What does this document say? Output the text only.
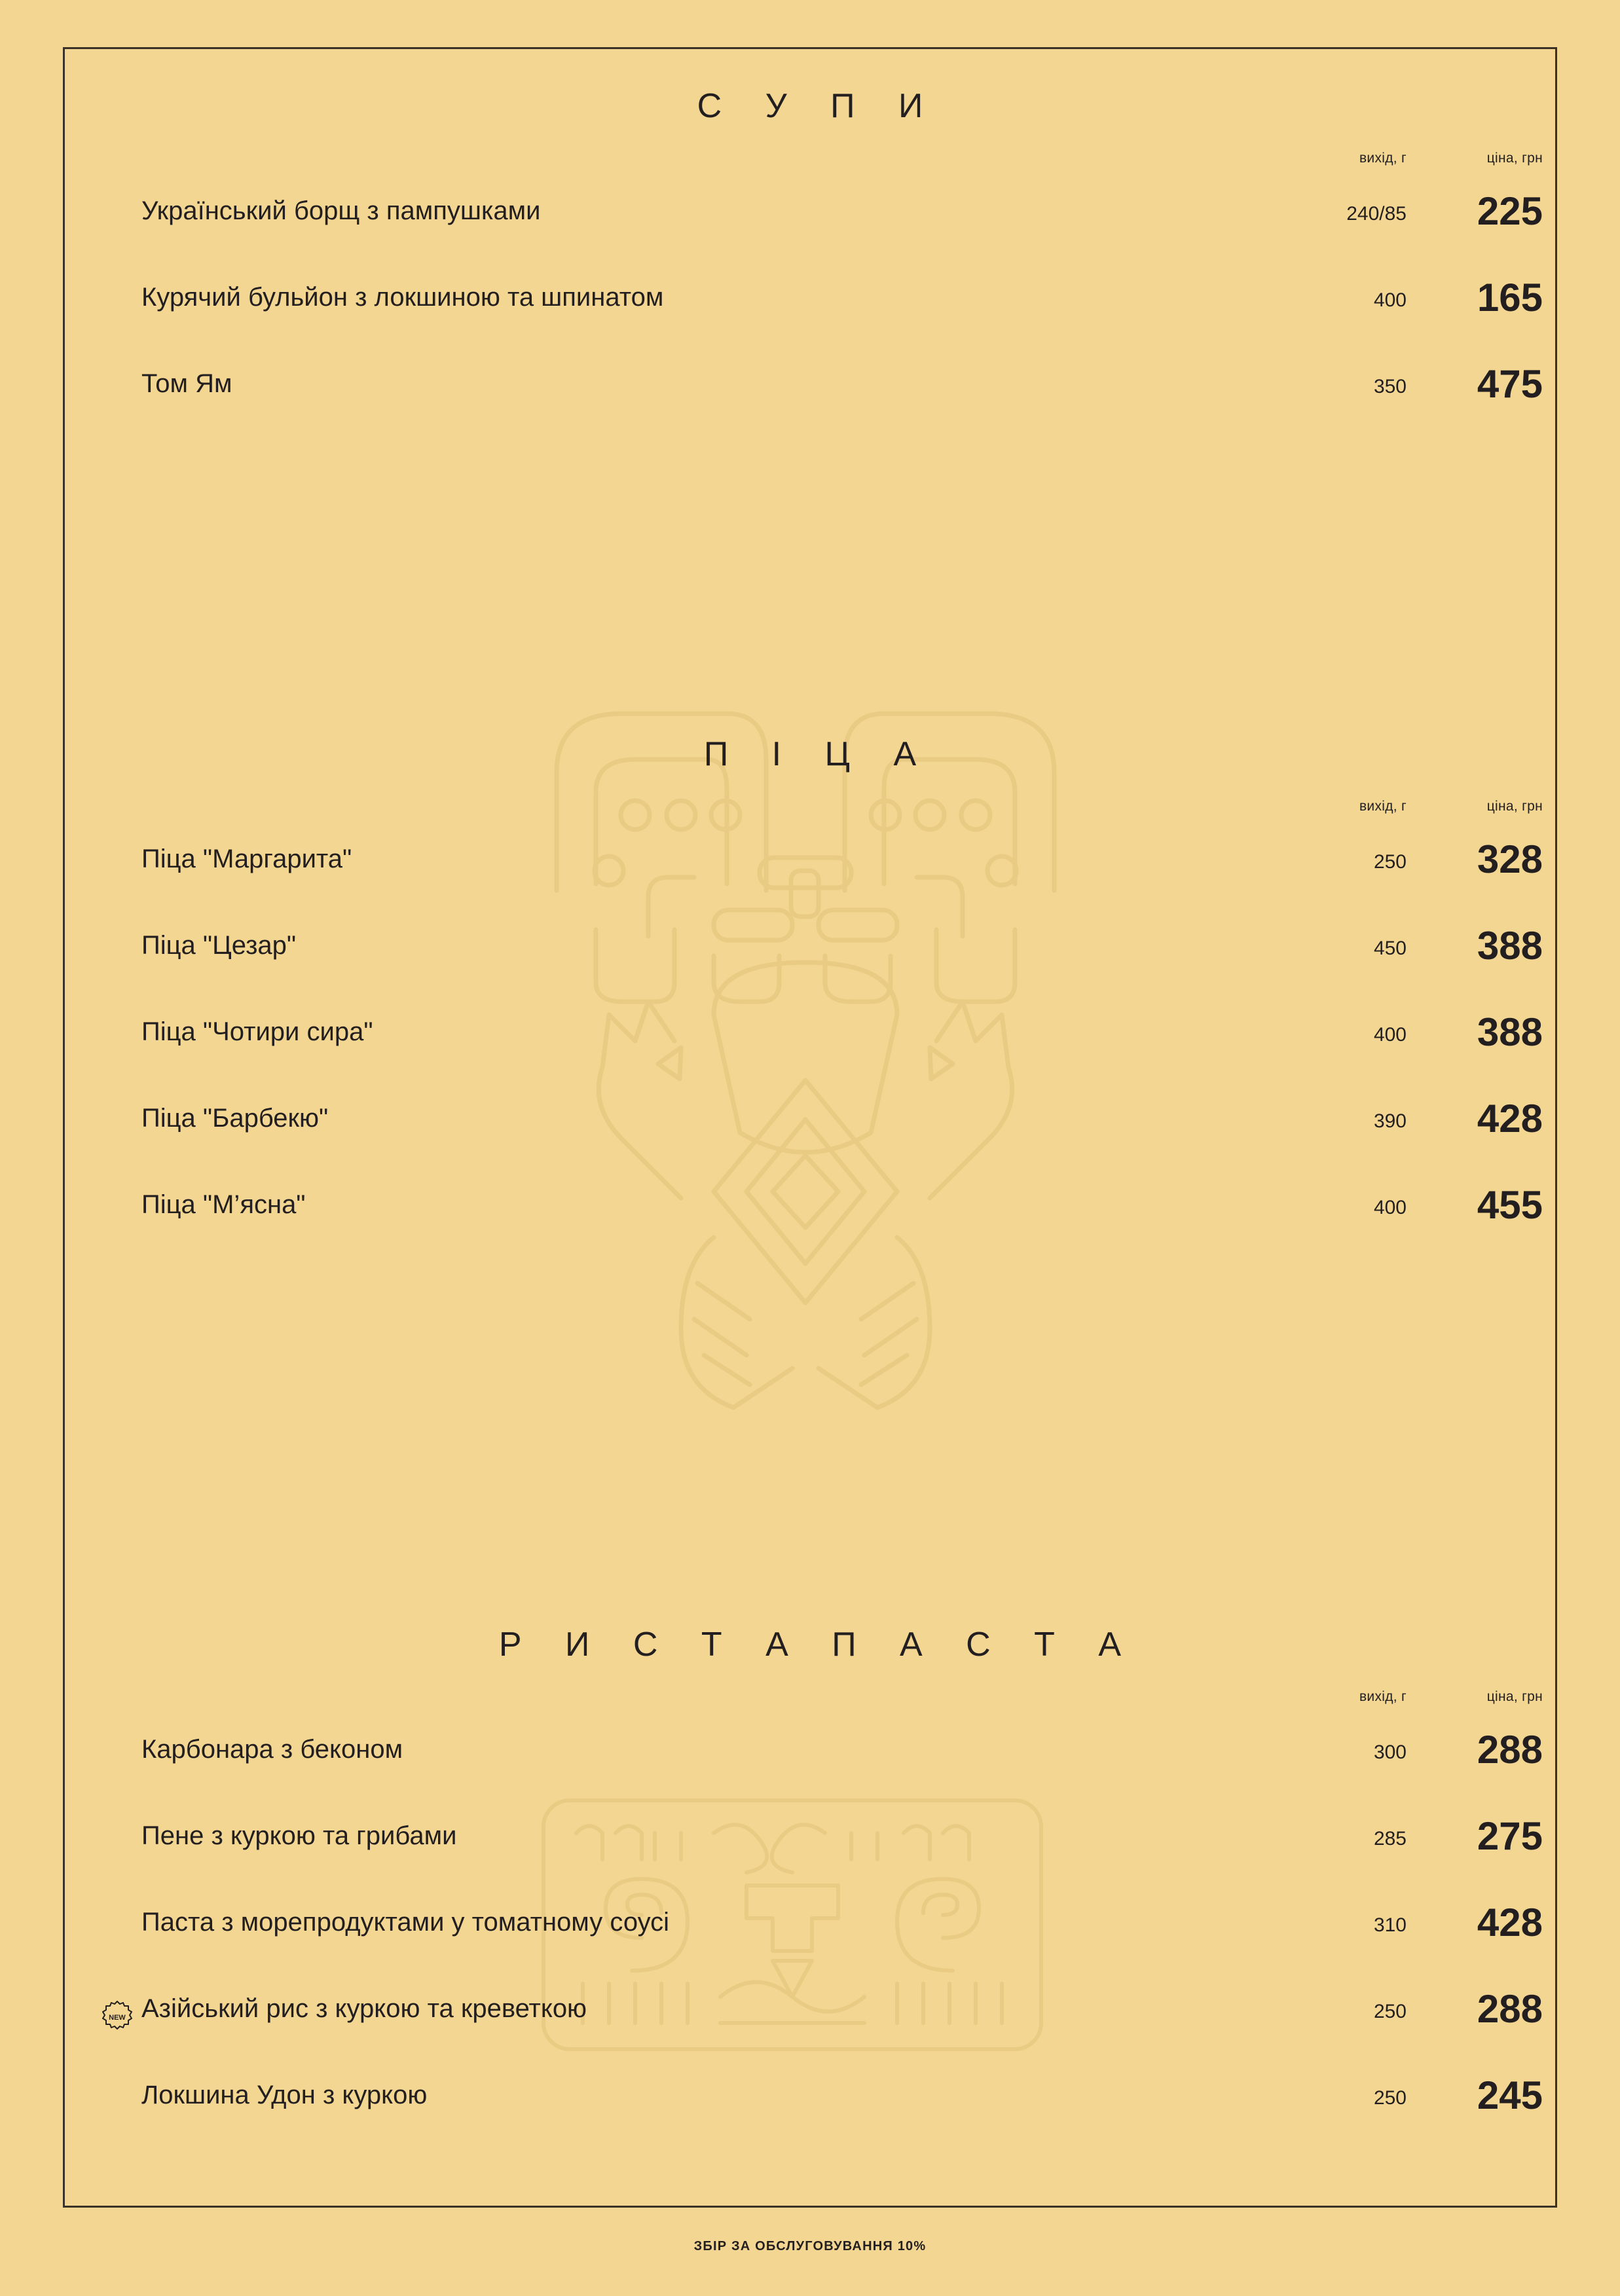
С У П И
вихід, г	ціна, грн
Український борщ з пампушками	240/85	225
Курячий бульйон з локшиною та шпинатом	400	165
Том Ям	350	475
П І Ц А
вихід, г	ціна, грн
Піца "Маргарита"	250	328
Піца "Цезар"	450	388
Піца "Чотири сира"	400	388
Піца "Барбекю"	390	428
Піца "М’ясна"	400	455
Р И С Т А П А С Т А
вихід, г	ціна, грн
Карбонара з беконом	300	288
Пене з куркою та грибами	285	275
Паста з морепродуктами у томатному соусі	310	428
NEW Азійський рис з куркою та креветкою	250	288
Локшина Удон з куркою	250	245
ЗБІР ЗА ОБСЛУГОВУВАННЯ 10%
